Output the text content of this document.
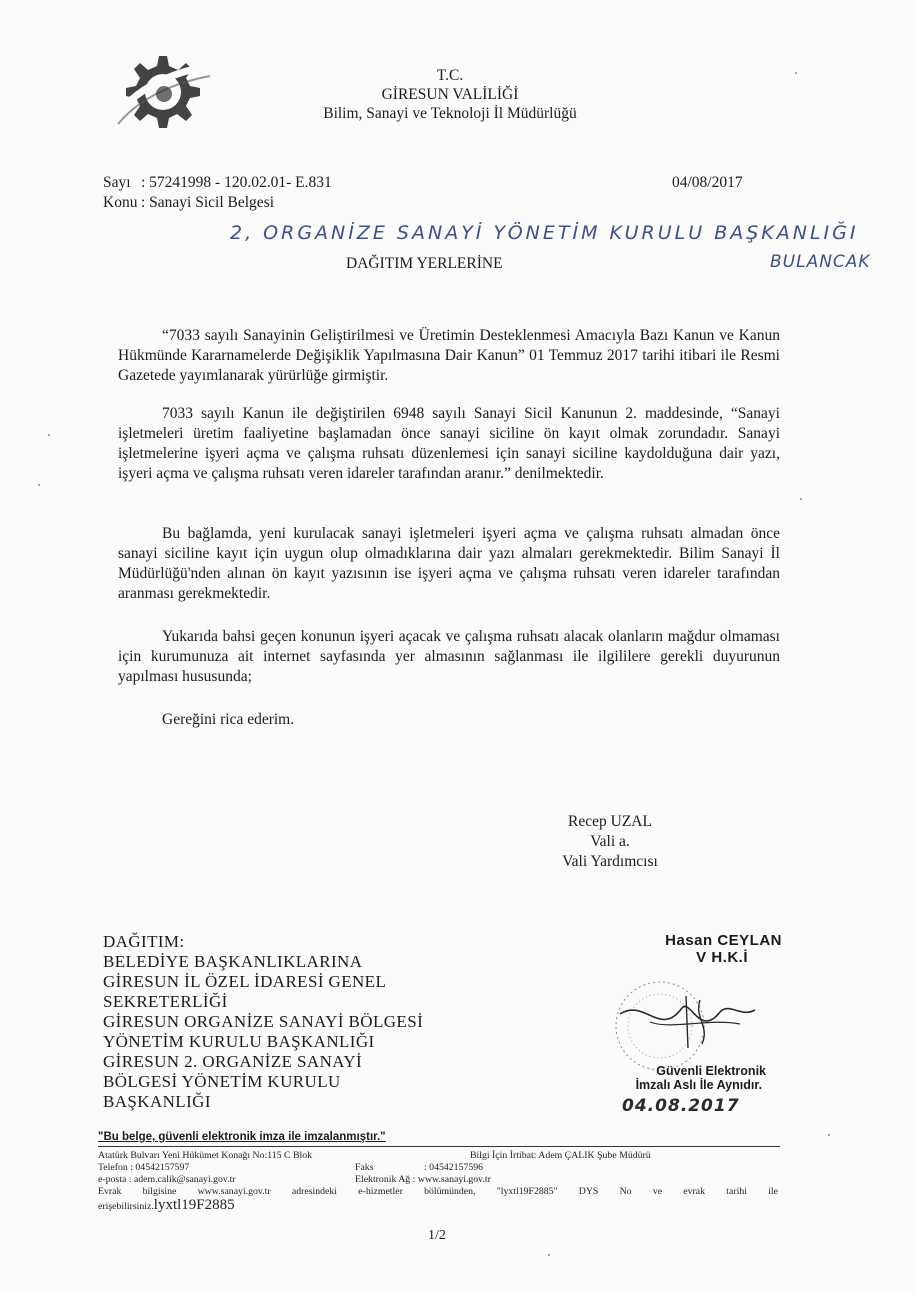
T.C.
GİRESUN VALİLİĞİ
Bilim, Sanayi ve Teknoloji İl Müdürlüğü
Sayı : 57241998 - 120.02.01- E.831	04/08/2017
Konu : Sanayi Sicil Belgesi
2, ORGANİZE SANAYİ YÖNETİM KURULU BAŞKANLIĞI
BULANCAK
DAĞITIM YERLERİNE

“7033 sayılı Sanayinin Geliştirilmesi ve Üretimin Desteklenmesi Amacıyla Bazı Kanun ve Kanun Hükmünde Kararnamelerde Değişiklik Yapılmasına Dair Kanun” 01 Temmuz 2017 tarihi itibari ile Resmi Gazetede yayımlanarak yürürlüğe girmiştir.

7033 sayılı Kanun ile değiştirilen 6948 sayılı Sanayi Sicil Kanunun 2. maddesinde, “Sanayi işletmeleri üretim faaliyetine başlamadan önce sanayi siciline ön kayıt olmak zorundadır. Sanayi işletmelerine işyeri açma ve çalışma ruhsatı düzenlemesi için sanayi siciline kaydolduğuna dair yazı, işyeri açma ve çalışma ruhsatı veren idareler tarafından aranır.” denilmektedir.

Bu bağlamda, yeni kurulacak sanayi işletmeleri işyeri açma ve çalışma ruhsatı almadan önce sanayi siciline kayıt için uygun olup olmadıklarına dair yazı almaları gerekmektedir. Bilim Sanayi İl Müdürlüğü'nden alınan ön kayıt yazısının ise işyeri açma ve çalışma ruhsatı veren idareler tarafından aranması gerekmektedir.

Yukarıda bahsi geçen konunun işyeri açacak ve çalışma ruhsatı alacak olanların mağdur olmaması için kurumunuza ait internet sayfasında yer almasının sağlanması ile ilgililere gerekli duyurunun yapılması hususunda;

Gereğini rica ederim.

Recep UZAL
Vali a.
Vali Yardımcısı
DAĞITIM:
BELEDİYE BAŞKANLIKLARINA
GİRESUN İL ÖZEL İDARESİ GENEL
SEKRETERLİĞİ
GİRESUN ORGANİZE SANAYİ BÖLGESİ
YÖNETİM KURULU BAŞKANLIĞI
GİRESUN 2. ORGANİZE SANAYİ
BÖLGESİ YÖNETİM KURULU
BAŞKANLIĞI
Hasan CEYLAN
V H.K.İ
Güvenli Elektronik
İmzalı Aslı İle Aynıdır.
04.08.2017
"Bu belge, güvenli elektronik imza ile imzalanmıştır."
Atatürk Bulvarı Yeni Hükümet Konağı No:115 C Blok	Bilgi İçin İrtibat: Adem ÇALIK Şube Müdürü
Telefon : 04542157597	Faks	: 04542157596
e-posta : adem.calik@sanayi.gov.tr	Elektronik Ağ : www.sanayi.gov.tr
Evrak bilgisine www.sanayi.gov.tr adresindeki e-hizmetler bölümünden, "lyxtl19F2885" DYS No ve evrak tarihi ile
erişebilirsiniz.lyxtl19F2885
1/2
